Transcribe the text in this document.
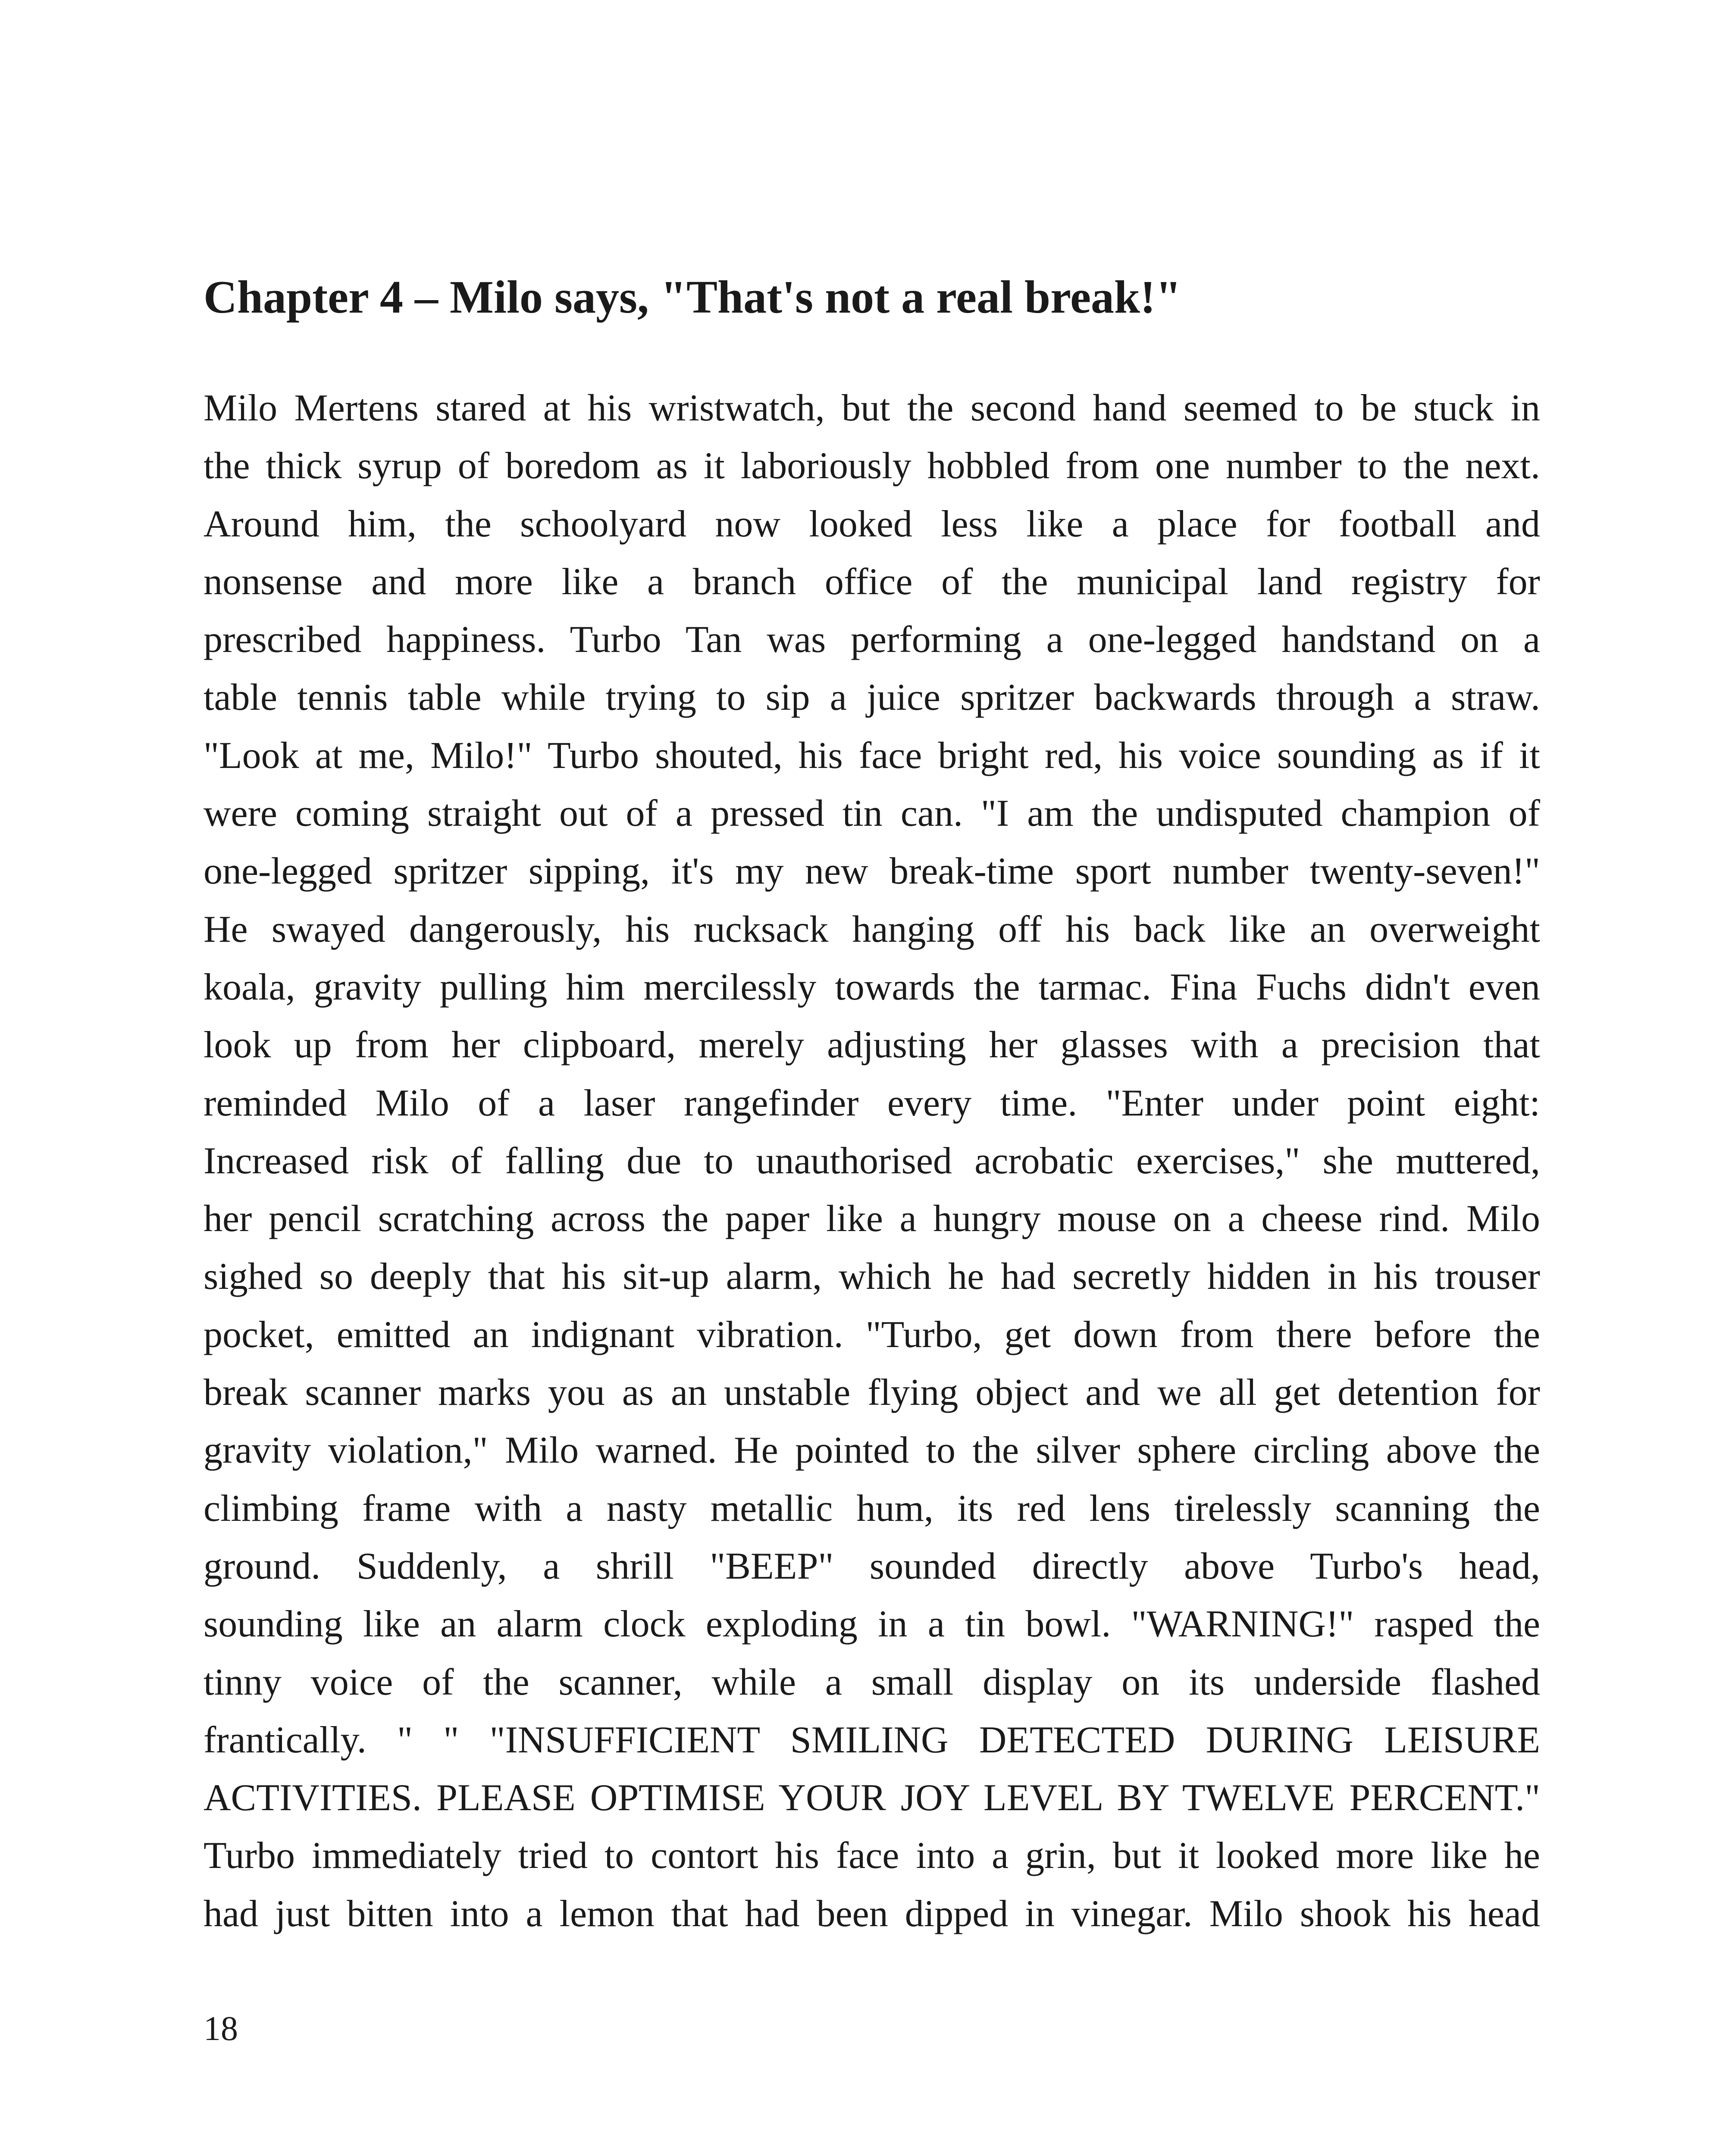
Chapter 4 – Milo says, "That's not a real break!"
Milo Mertens stared at his wristwatch, but the second hand seemed to be stuck in
the thick syrup of boredom as it laboriously hobbled from one number to the next.
Around him, the schoolyard now looked less like a place for football and
nonsense and more like a branch office of the municipal land registry for
prescribed happiness. Turbo Tan was performing a one-legged handstand on a
table tennis table while trying to sip a juice spritzer backwards through a straw.
"Look at me, Milo!" Turbo shouted, his face bright red, his voice sounding as if it
were coming straight out of a pressed tin can. "I am the undisputed champion of
one-legged spritzer sipping, it's my new break-time sport number twenty-seven!"
He swayed dangerously, his rucksack hanging off his back like an overweight
koala, gravity pulling him mercilessly towards the tarmac. Fina Fuchs didn't even
look up from her clipboard, merely adjusting her glasses with a precision that
reminded Milo of a laser rangefinder every time. "Enter under point eight:
Increased risk of falling due to unauthorised acrobatic exercises," she muttered,
her pencil scratching across the paper like a hungry mouse on a cheese rind. Milo
sighed so deeply that his sit-up alarm, which he had secretly hidden in his trouser
pocket, emitted an indignant vibration. "Turbo, get down from there before the
break scanner marks you as an unstable flying object and we all get detention for
gravity violation," Milo warned. He pointed to the silver sphere circling above the
climbing frame with a nasty metallic hum, its red lens tirelessly scanning the
ground. Suddenly, a shrill "BEEP" sounded directly above Turbo's head,
sounding like an alarm clock exploding in a tin bowl. "WARNING!" rasped the
tinny voice of the scanner, while a small display on its underside flashed
frantically. " " "INSUFFICIENT SMILING DETECTED DURING LEISURE
ACTIVITIES. PLEASE OPTIMISE YOUR JOY LEVEL BY TWELVE PERCENT."
Turbo immediately tried to contort his face into a grin, but it looked more like he
had just bitten into a lemon that had been dipped in vinegar. Milo shook his head
18
